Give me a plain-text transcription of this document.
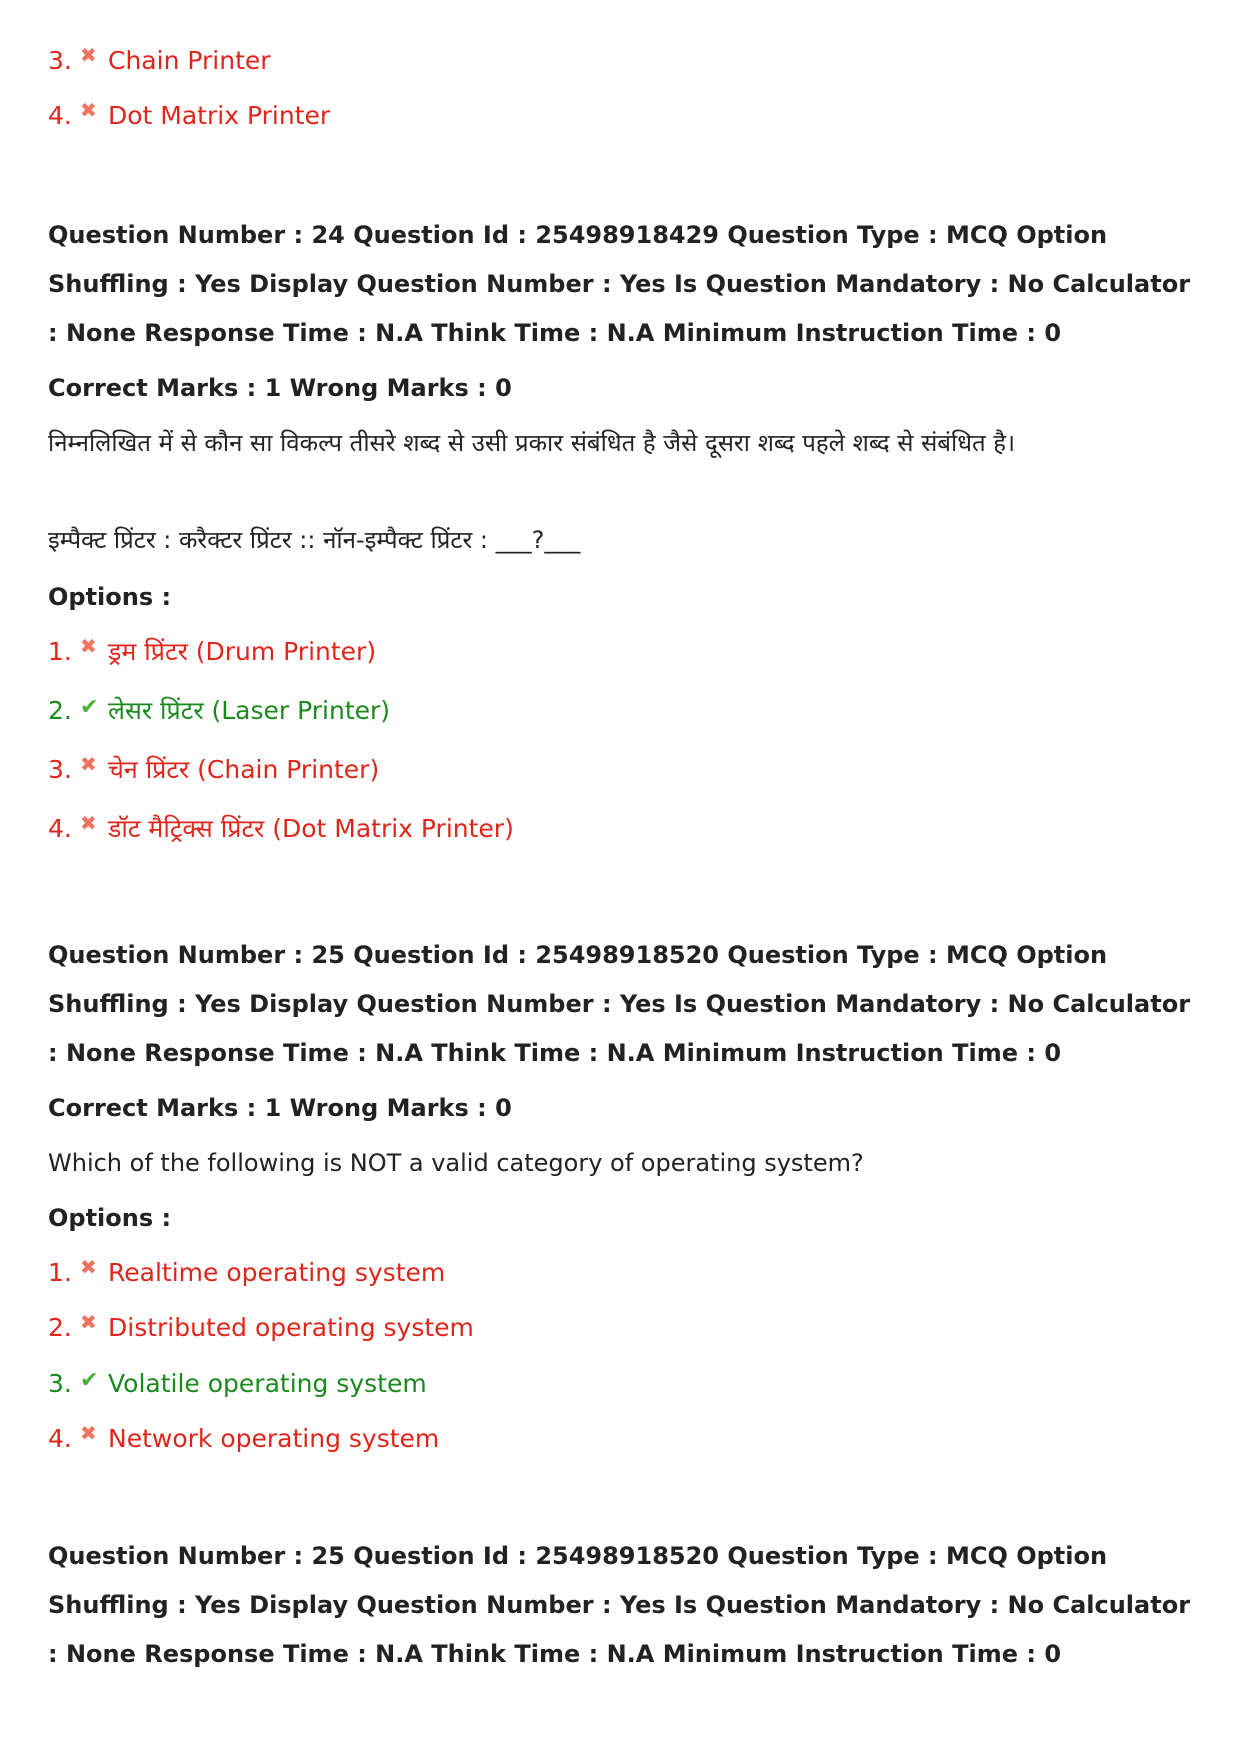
3. ✖ Chain Printer
4. ✖ Dot Matrix Printer
Question Number : 24 Question Id : 25498918429 Question Type : MCQ Option Shuffling : Yes Display Question Number : Yes Is Question Mandatory : No Calculator : None Response Time : N.A Think Time : N.A Minimum Instruction Time : 0
Correct Marks : 1 Wrong Marks : 0
निम्नलिखित में से कौन सा विकल्प तीसरे शब्द से उसी प्रकार संबंधित है जैसे दूसरा शब्द पहले शब्द से संबंधित है।
इम्पैक्ट प्रिंटर : करैक्टर प्रिंटर :: नॉन-इम्पैक्ट प्रिंटर : ___?___
Options :
1. ✖ ड्रम प्रिंटर (Drum Printer)
2. ✔ लेसर प्रिंटर (Laser Printer)
3. ✖ चेन प्रिंटर (Chain Printer)
4. ✖ डॉट मैट्रिक्स प्रिंटर (Dot Matrix Printer)
Question Number : 25 Question Id : 25498918520 Question Type : MCQ Option Shuffling : Yes Display Question Number : Yes Is Question Mandatory : No Calculator : None Response Time : N.A Think Time : N.A Minimum Instruction Time : 0
Correct Marks : 1 Wrong Marks : 0
Which of the following is NOT a valid category of operating system?
Options :
1. ✖ Realtime operating system
2. ✖ Distributed operating system
3. ✔ Volatile operating system
4. ✖ Network operating system
Question Number : 25 Question Id : 25498918520 Question Type : MCQ Option Shuffling : Yes Display Question Number : Yes Is Question Mandatory : No Calculator : None Response Time : N.A Think Time : N.A Minimum Instruction Time : 0
